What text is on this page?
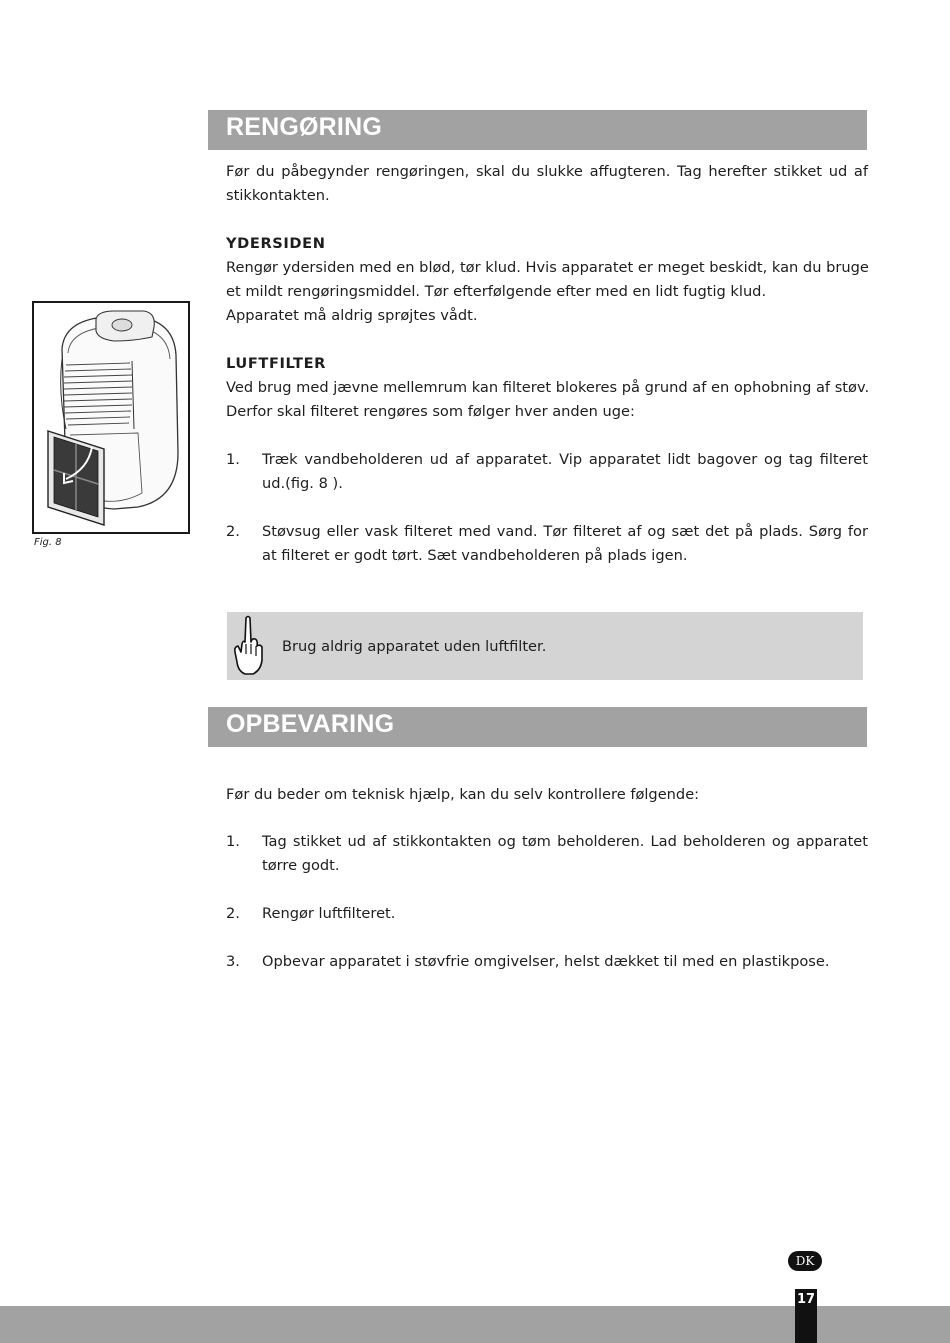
RENGØRING
Før du påbegynder rengøringen, skal du slukke affugteren. Tag herefter stikket ud af stikkontakten.
YDERSIDEN
Rengør ydersiden med en blød, tør klud. Hvis apparatet er meget beskidt, kan du bruge et mildt rengøringsmiddel. Tør efterfølgende efter med en lidt fugtig klud.
Apparatet må aldrig sprøjtes vådt.
LUFTFILTER
Ved brug med jævne mellemrum kan filteret blokeres på grund af en ophobning af støv. Derfor skal filteret rengøres som følger hver anden uge:
1. Træk vandbeholderen ud af apparatet. Vip apparatet lidt bagover og tag filteret ud.(fig. 8 ).
2. Støvsug eller vask filteret med vand. Tør filteret af og sæt det på plads. Sørg for at filteret er godt tørt. Sæt vandbeholderen på plads igen.
Fig. 8
Brug aldrig apparatet uden luftfilter.
OPBEVARING
Før du beder om teknisk hjælp, kan du selv kontrollere følgende:
1. Tag stikket ud af stikkontakten og tøm beholderen. Lad beholderen og apparatet tørre godt.
2. Rengør luftfilteret.
3. Opbevar apparatet i støvfrie omgivelser, helst dækket til med en plastikpose.
DK
17
